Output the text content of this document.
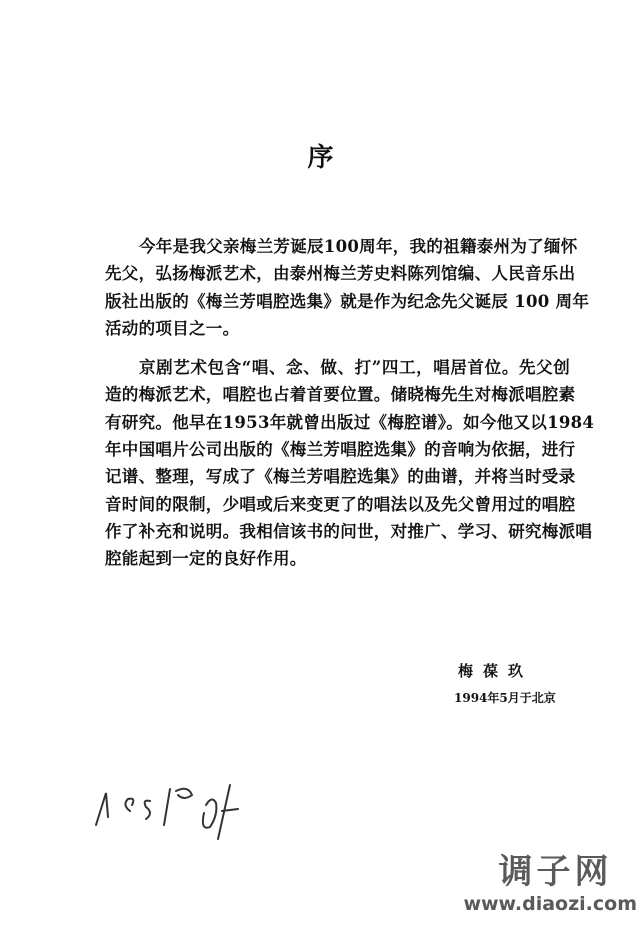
序
今年是我父亲梅兰芳诞辰100周年，我的祖籍泰州为了缅怀
先父，弘扬梅派艺术，由泰州梅兰芳史料陈列馆编、人民音乐出
版社出版的《梅兰芳唱腔选集》就是作为纪念先父诞辰 100 周年
活动的项目之一。
京剧艺术包含“唱、念、做、打”四工，唱居首位。先父创
造的梅派艺术，唱腔也占着首要位置。储晓梅先生对梅派唱腔素
有研究。他早在1953年就曾出版过《梅腔谱》。如今他又以1984
年中国唱片公司出版的《梅兰芳唱腔选集》的音响为依据，进行
记谱、整理，写成了《梅兰芳唱腔选集》的曲谱，并将当时受录
音时间的限制，少唱或后来变更了的唱法以及先父曾用过的唱腔
作了补充和说明。我相信该书的问世，对推广、学习、研究梅派唱
腔能起到一定的良好作用。
梅葆玖
1994年5月于北京
调子网
www.diaozi.com
